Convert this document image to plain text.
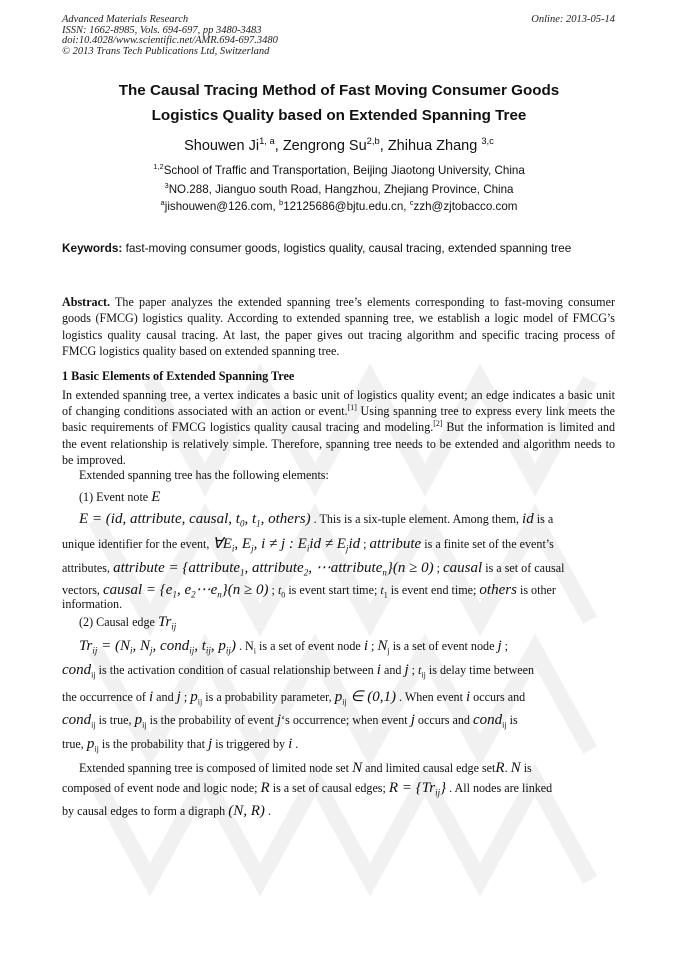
Advanced Materials Research
ISSN: 1662-8985, Vols. 694-697, pp 3480-3483
doi:10.4028/www.scientific.net/AMR.694-697.3480
© 2013 Trans Tech Publications Ltd, Switzerland
Online: 2013-05-14
The Causal Tracing Method of Fast Moving Consumer Goods
Logistics Quality based on Extended Spanning Tree
Shouwen Ji$^{1, a}$, Zengrong Su$^{2,b}$, Zhihua Zhang $^{3,c}$
$^{1,2}$School of Traffic and Transportation, Beijing Jiaotong University, China
$^3$NO.288, Jianguo south Road, Hangzhou, Zhejiang Province, China
$^a$jishouwen@126.com, $^b$12125686@bjtu.edu.cn, $^c$zzh@zjtobacco.com
Keywords: fast-moving consumer goods, logistics quality, causal tracing, extended spanning tree
Abstract. The paper analyzes the extended spanning tree’s elements corresponding to fast-moving consumer goods (FMCG) logistics quality. According to extended spanning tree, we establish a logic model of FMCG’s logistics quality causal tracing. At last, the paper gives out tracing algorithm and specific tracing process of FMCG logistics quality based on extended spanning tree.
1 Basic Elements of Extended Spanning Tree
In extended spanning tree, a vertex indicates a basic unit of logistics quality event; an edge indicates a basic unit of changing conditions associated with an action or event.[1] Using spanning tree to express every link meets the basic requirements of FMCG logistics quality causal tracing and modeling.[2] But the information is limited and the event relationship is relatively simple. Therefore, spanning tree needs to be extended and algorithm needs to be improved.
Extended spanning tree has the following elements:
(1) Event note E
E = (id, attribute, causal, $t_0$, $t_1$, others) . This is a six-tuple element. Among them, id is a
unique identifier for the event, $\forall E_i$, $E_j$, i ≠ j : $E_iid \ne E_jid$ ; attribute is a finite set of the event’s
attributes, attribute = {attribute$_1$, attribute$_2$, ⋯attribute$_n$}(n ≥ 0) ; causal is a set of causal
vectors, causal = {$e_1$, $e_2\cdots e_n\}(n \ge 0)$ ; $t_0$ is event start time; $t_1$ is event end time; others is other
information.
(2) Causal edge $Tr_{ij}$
$Tr_{ij} = (N_i$, $N_j$, cond$_{ij}$, $t_{ij}$, $p_{ij}$) . $N_i$ is a set of event node i ; $N_j$ is a set of event node j ;
cond$_{ij}$ is the activation condition of casual relationship between i and j ; $t_{ij}$ is delay time between
the occurrence of i and j ; $p_{ij}$ is a probability parameter, $p_{ij}$ ∈ (0,1) . When event i occurs and
cond$_{ij}$ is true, $p_{ij}$ is the probability of event j‘s occurrence; when event j occurs and cond$_{ij}$ is
true, $p_{ij}$ is the probability that j is triggered by i .
Extended spanning tree is composed of limited node set N and limited causal edge setR. N is
composed of event node and logic node; R is a set of causal edges; $R = \{Tr_{ij}\}$ . All nodes are linked
by causal edges to form a digraph (N, R) .
